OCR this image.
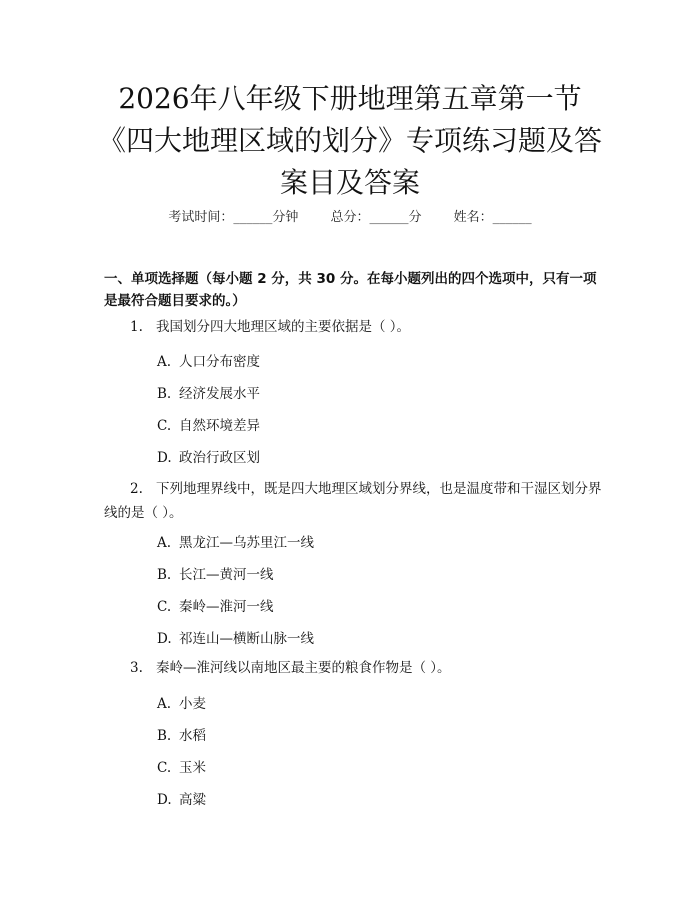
2026年八年级下册地理第五章第一节《四大地理区域的划分》专项练习题及答案目及答案
考试时间：______分钟 总分：______分 姓名：______
一、单项选择题（每小题 2 分，共 30 分。在每小题列出的四个选项中，只有一项是最符合题目要求的。）
1. 我国划分四大地理区域的主要依据是（ ）。
A. 人口分布密度
B. 经济发展水平
C. 自然环境差异
D. 政治行政区划
2. 下列地理界线中，既是四大地理区域划分界线，也是温度带和干湿区划分界线的是（ ）。
A. 黑龙江—乌苏里江一线
B. 长江—黄河一线
C. 秦岭—淮河一线
D. 祁连山—横断山脉一线
3. 秦岭—淮河线以南地区最主要的粮食作物是（ ）。
A. 小麦
B. 水稻
C. 玉米
D. 高粱
